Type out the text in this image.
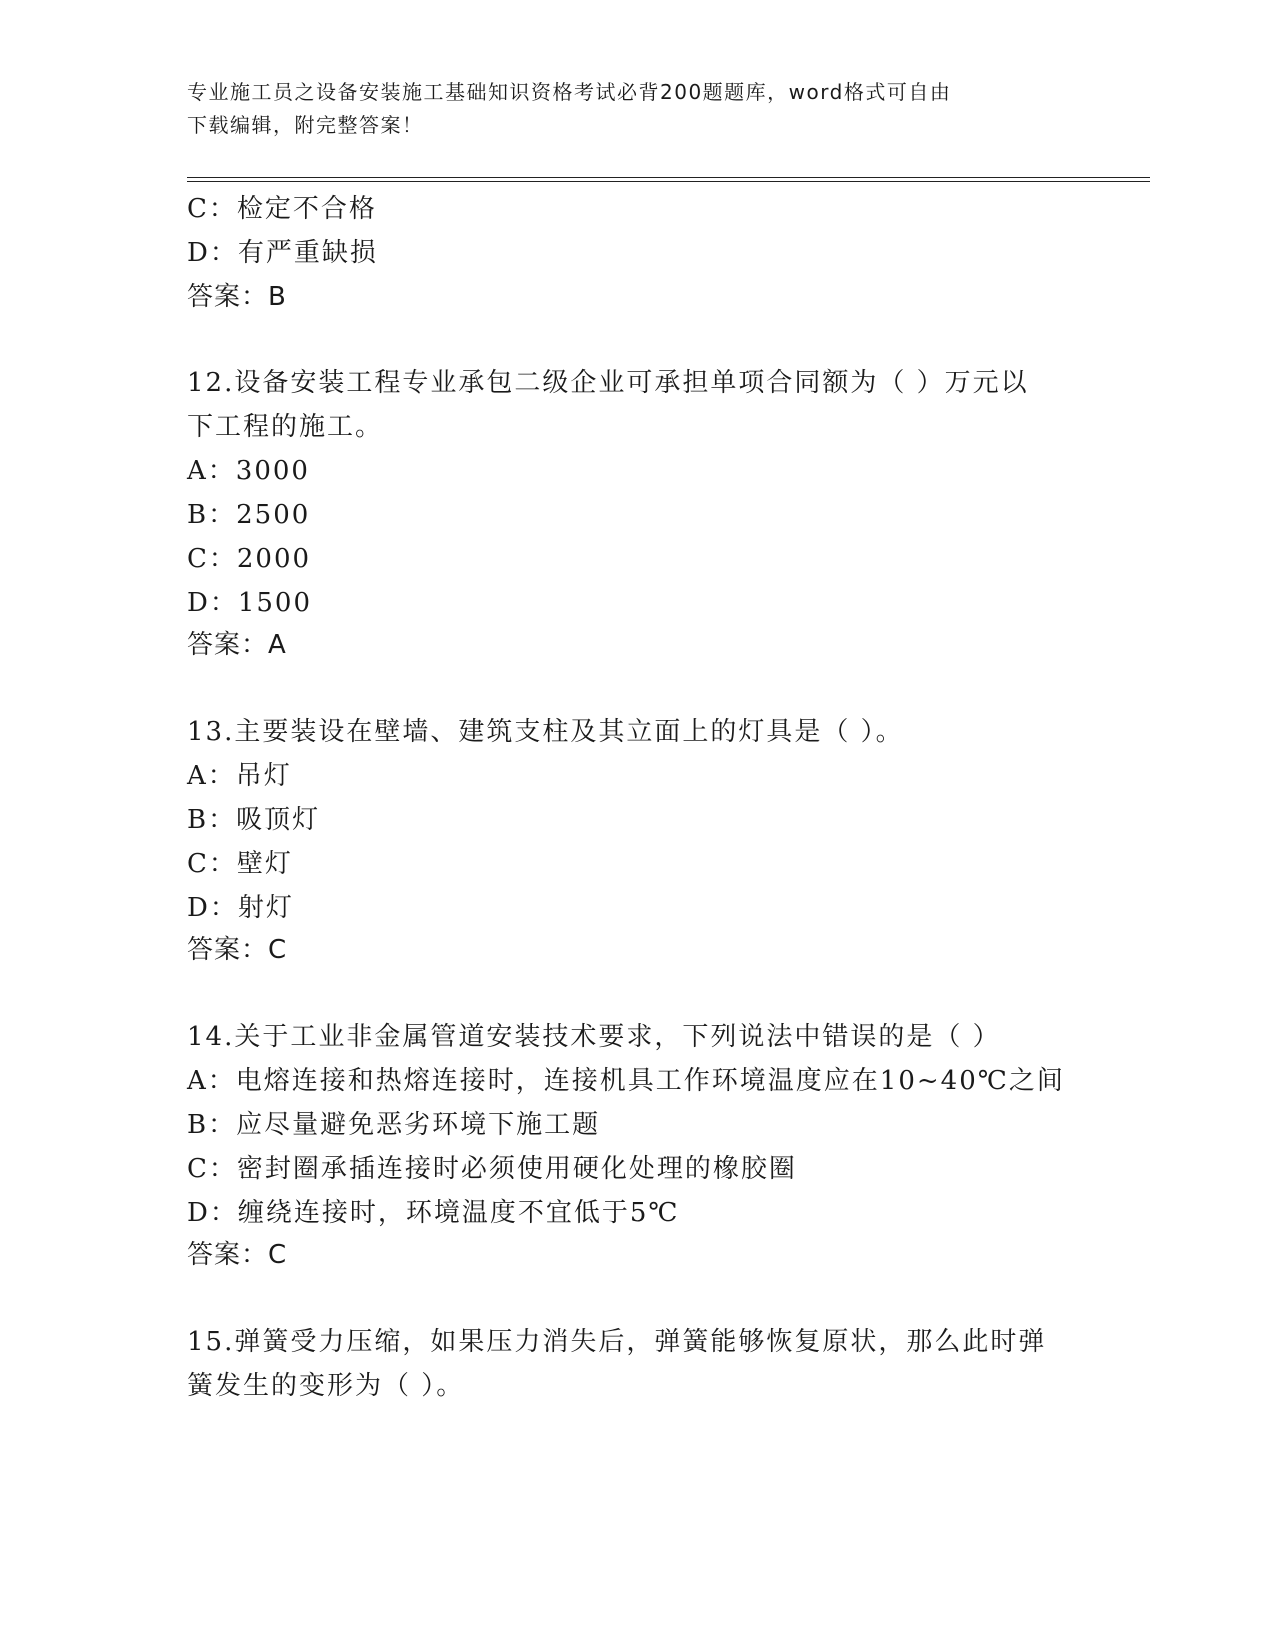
专业施工员之设备安装施工基础知识资格考试必背200题题库，word格式可自由
下载编辑，附完整答案！
C：检定不合格
D：有严重缺损
答案：B
12.设备安装工程专业承包二级企业可承担单项合同额为（ ）万元以
下工程的施工。
A：3000
B：2500
C：2000
D：1500
答案：A
13.主要装设在壁墙、建筑支柱及其立面上的灯具是（ ）。
A：吊灯
B：吸顶灯
C：壁灯
D：射灯
答案：C
14.关于工业非金属管道安装技术要求，下列说法中错误的是（ ）
A：电熔连接和热熔连接时，连接机具工作环境温度应在10~40℃之间
B：应尽量避免恶劣环境下施工题
C：密封圈承插连接时必须使用硬化处理的橡胶圈
D：缠绕连接时，环境温度不宜低于5℃
答案：C
15.弹簧受力压缩，如果压力消失后，弹簧能够恢复原状，那么此时弹
簧发生的变形为（ ）。
